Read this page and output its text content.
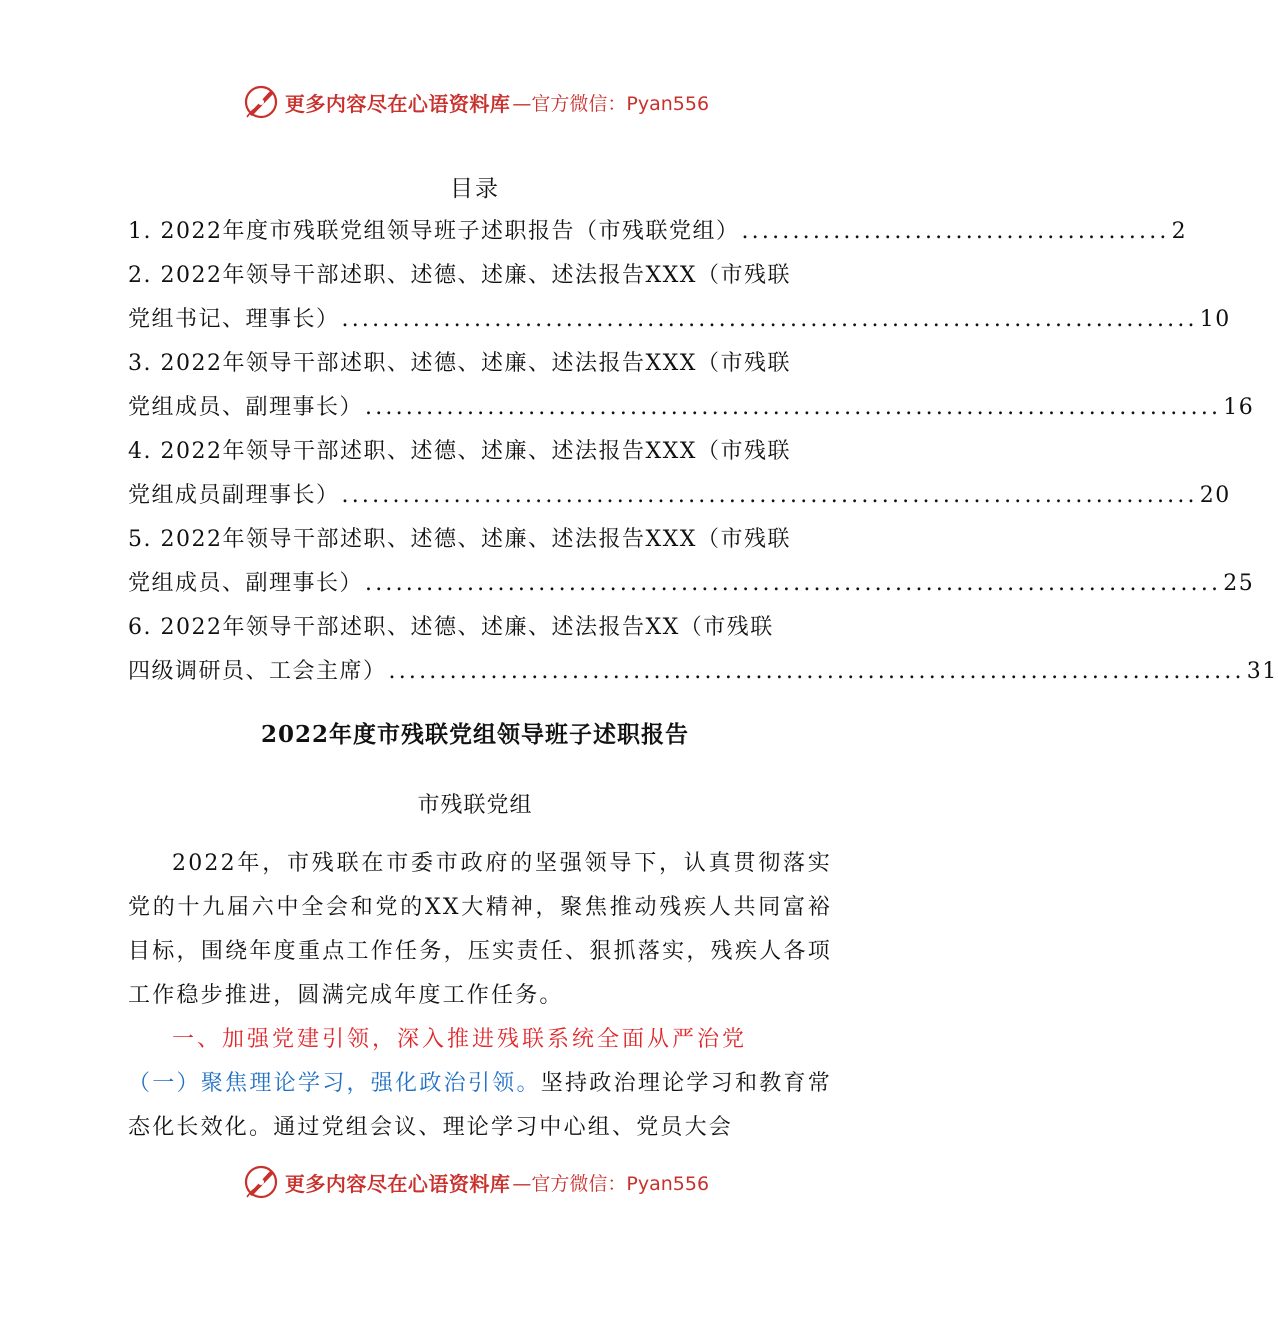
更多内容尽在心语资料库 —官方微信：Pyan556
目录
1. 2022年度市残联党组领导班子述职报告（市残联党组） .......................................... 2
2. 2022年领导干部述职、述德、述廉、述法报告XXX（市残联
党组书记、理事长） .................................................................................... 10
3. 2022年领导干部述职、述德、述廉、述法报告XXX（市残联
党组成员、副理事长） .................................................................................... 16
4. 2022年领导干部述职、述德、述廉、述法报告XXX（市残联
党组成员副理事长） .................................................................................... 20
5. 2022年领导干部述职、述德、述廉、述法报告XXX（市残联
党组成员、副理事长） .................................................................................... 25
6. 2022年领导干部述职、述德、述廉、述法报告XX（市残联
四级调研员、工会主席） .................................................................................... 31
2022年度市残联党组领导班子述职报告
市残联党组
2022年，市残联在市委市政府的坚强领导下，认真贯彻落实党的十九届六中全会和党的XX大精神，聚焦推动残疾人共同富裕目标，围绕年度重点工作任务，压实责任、狠抓落实，残疾人各项工作稳步推进，圆满完成年度工作任务。
一、加强党建引领，深入推进残联系统全面从严治党
（一）聚焦理论学习，强化政治引领。坚持政治理论学习和教育常态化长效化。通过党组会议、理论学习中心组、党员大会
更多内容尽在心语资料库 —官方微信：Pyan556
